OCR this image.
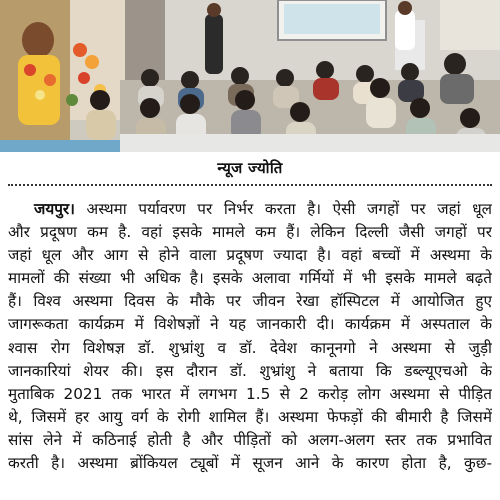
न्यूज ज्योति
जयपुर। अस्थमा पर्यावरण पर निर्भर करता है। ऐसी जगहों पर जहां धूल
और प्रदूषण कम है. वहां इसके मामले कम हैं। लेकिन दिल्ली जैसी जगहों पर
जहां धूल और आग से होने वाला प्रदूषण ज्यादा है। वहां बच्चों में अस्थमा के
मामलों की संख्या भी अधिक है। इसके अलावा गर्मियों में भी इसके मामले बढ़ते
हैं। विश्व अस्थमा दिवस के मौके पर जीवन रेखा हॉस्पिटल में आयोजित हुए
जागरूकता कार्यक्रम में विशेषज्ञों ने यह जानकारी दी। कार्यक्रम में अस्पताल के
श्वास रोग विशेषज्ञ डॉ. शुभ्रांशु व डॉ. देवेश कानूनगो ने अस्थमा से जुड़ी
जानकारियां शेयर की। इस दौरान डॉ. शुभ्रांशु ने बताया कि डब्ल्यूएचओ के
मुताबिक 2021 तक भारत में लगभग 1.5 से 2 करोड़ लोग अस्थमा से पीड़ित
थे, जिसमें हर आयु वर्ग के रोगी शामिल हैं। अस्थमा फेफड़ों की बीमारी है जिसमें
सांस लेने में कठिनाई होती है और पीड़ितों को अलग-अलग स्तर तक प्रभावित
करती है। अस्थमा ब्रोंकियल ट्यूबों में सूजन आने के कारण होता है, कुछ-
